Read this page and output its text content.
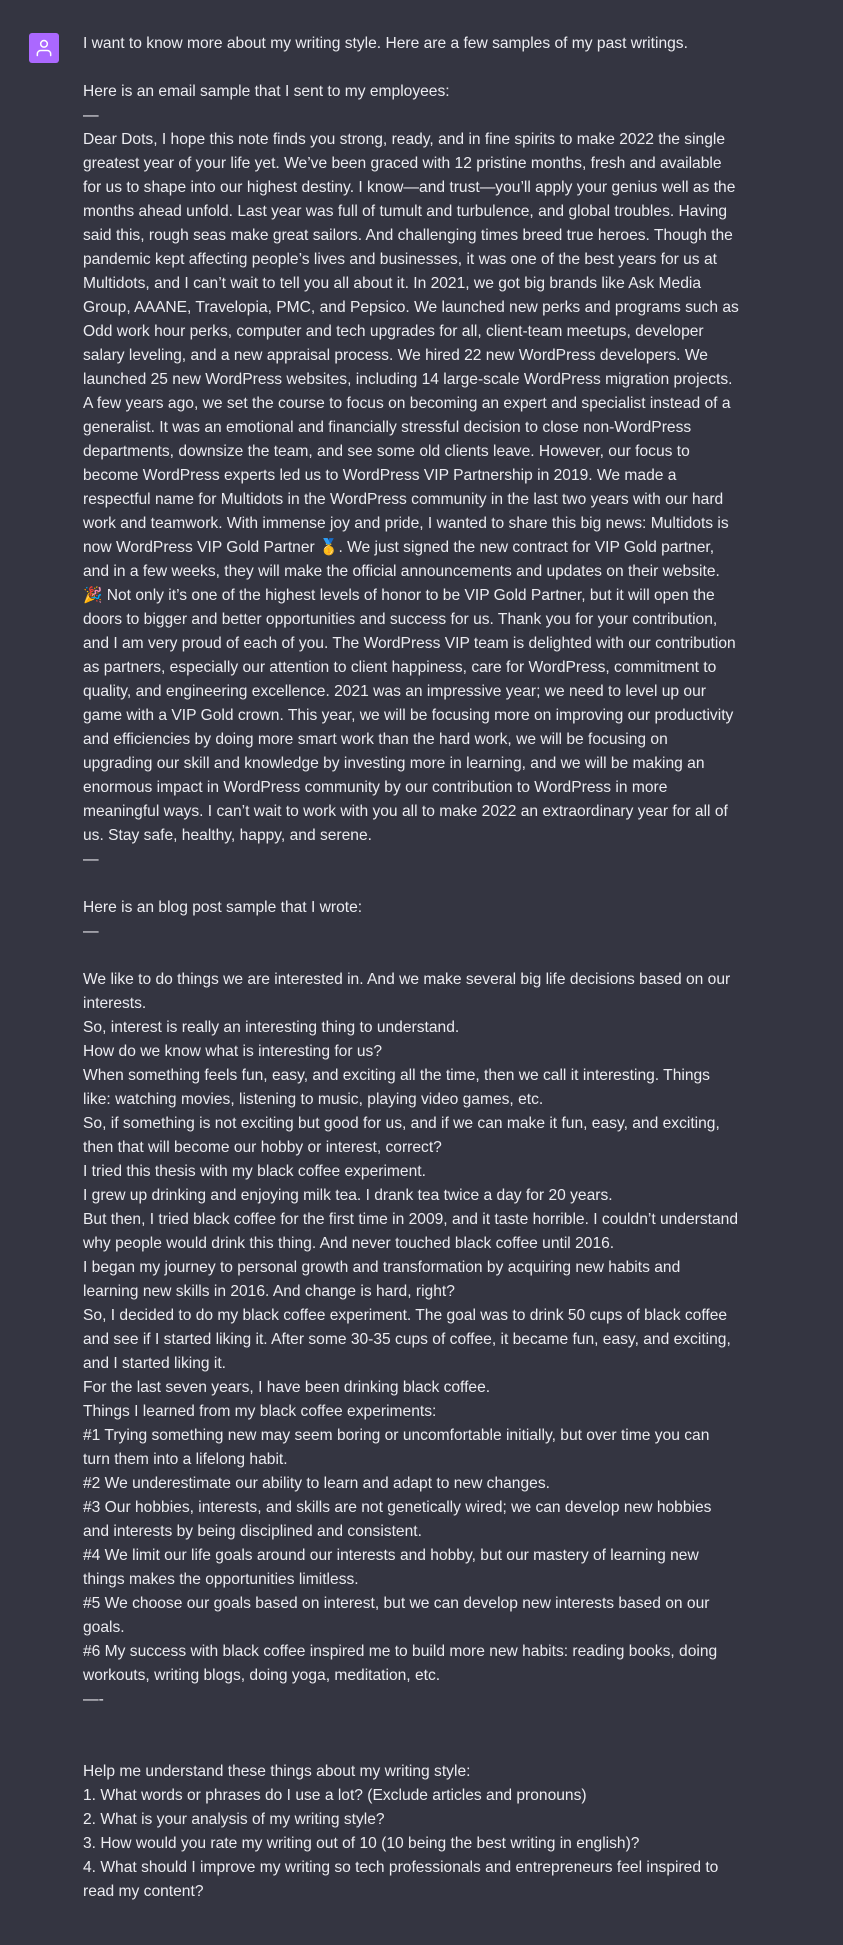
I want to know more about my writing style. Here are a few samples of my past writings.

Here is an email sample that I sent to my employees:

—

Dear Dots, I hope this note finds you strong, ready, and in fine spirits to make 2022 the single greatest year of your life yet. We’ve been graced with 12 pristine months, fresh and available for us to shape into our highest destiny. I know—and trust—you’ll apply your genius well as the months ahead unfold. Last year was full of tumult and turbulence, and global troubles. Having said this, rough seas make great sailors. And challenging times breed true heroes. Though the pandemic kept affecting people’s lives and businesses, it was one of the best years for us at Multidots, and I can’t wait to tell you all about it. In 2021, we got big brands like Ask Media Group, AAANE, Travelopia, PMC, and Pepsico. We launched new perks and programs such as Odd work hour perks, computer and tech upgrades for all, client-team meetups, developer salary leveling, and a new appraisal process. We hired 22 new WordPress developers. We launched 25 new WordPress websites, including 14 large-scale WordPress migration projects. A few years ago, we set the course to focus on becoming an expert and specialist instead of a generalist. It was an emotional and financially stressful decision to close non-WordPress departments, downsize the team, and see some old clients leave. However, our focus to become WordPress experts led us to WordPress VIP Partnership in 2019. We made a respectful name for Multidots in the WordPress community in the last two years with our hard work and teamwork. With immense joy and pride, I wanted to share this big news: Multidots is now WordPress VIP Gold Partner 🥇. We just signed the new contract for VIP Gold partner, and in a few weeks, they will make the official announcements and updates on their website. 🎉 Not only it’s one of the highest levels of honor to be VIP Gold Partner, but it will open the doors to bigger and better opportunities and success for us. Thank you for your contribution, and I am very proud of each of you. The WordPress VIP team is delighted with our contribution as partners, especially our attention to client happiness, care for WordPress, commitment to quality, and engineering excellence. 2021 was an impressive year; we need to level up our game with a VIP Gold crown. This year, we will be focusing more on improving our productivity and efficiencies by doing more smart work than the hard work, we will be focusing on upgrading our skill and knowledge by investing more in learning, and we will be making an enormous impact in WordPress community by our contribution to WordPress in more meaningful ways. I can’t wait to work with you all to make 2022 an extraordinary year for all of us. Stay safe, healthy, happy, and serene.

—

Here is an blog post sample that I wrote:

—

We like to do things we are interested in. And we make several big life decisions based on our interests.

So, interest is really an interesting thing to understand.

How do we know what is interesting for us?

When something feels fun, easy, and exciting all the time, then we call it interesting. Things like: watching movies, listening to music, playing video games, etc.

So, if something is not exciting but good for us, and if we can make it fun, easy, and exciting, then that will become our hobby or interest, correct?

I tried this thesis with my black coffee experiment.

I grew up drinking and enjoying milk tea. I drank tea twice a day for 20 years.

But then, I tried black coffee for the first time in 2009, and it taste horrible. I couldn’t understand why people would drink this thing. And never touched black coffee until 2016.

I began my journey to personal growth and transformation by acquiring new habits and learning new skills in 2016. And change is hard, right?

So, I decided to do my black coffee experiment. The goal was to drink 50 cups of black coffee and see if I started liking it. After some 30-35 cups of coffee, it became fun, easy, and exciting, and I started liking it.

For the last seven years, I have been drinking black coffee.

Things I learned from my black coffee experiments:

#1 Trying something new may seem boring or uncomfortable initially, but over time you can turn them into a lifelong habit.

#2 We underestimate our ability to learn and adapt to new changes.

#3 Our hobbies, interests, and skills are not genetically wired; we can develop new hobbies and interests by being disciplined and consistent.

#4 We limit our life goals around our interests and hobby, but our mastery of learning new things makes the opportunities limitless.

#5 We choose our goals based on interest, but we can develop new interests based on our goals.

#6 My success with black coffee inspired me to build more new habits: reading books, doing workouts, writing blogs, doing yoga, meditation, etc.

—-

Help me understand these things about my writing style:

1. What words or phrases do I use a lot? (Exclude articles and pronouns)

2. What is your analysis of my writing style?

3. How would you rate my writing out of 10 (10 being the best writing in english)?

4. What should I improve my writing so tech professionals and entrepreneurs feel inspired to read my content?
